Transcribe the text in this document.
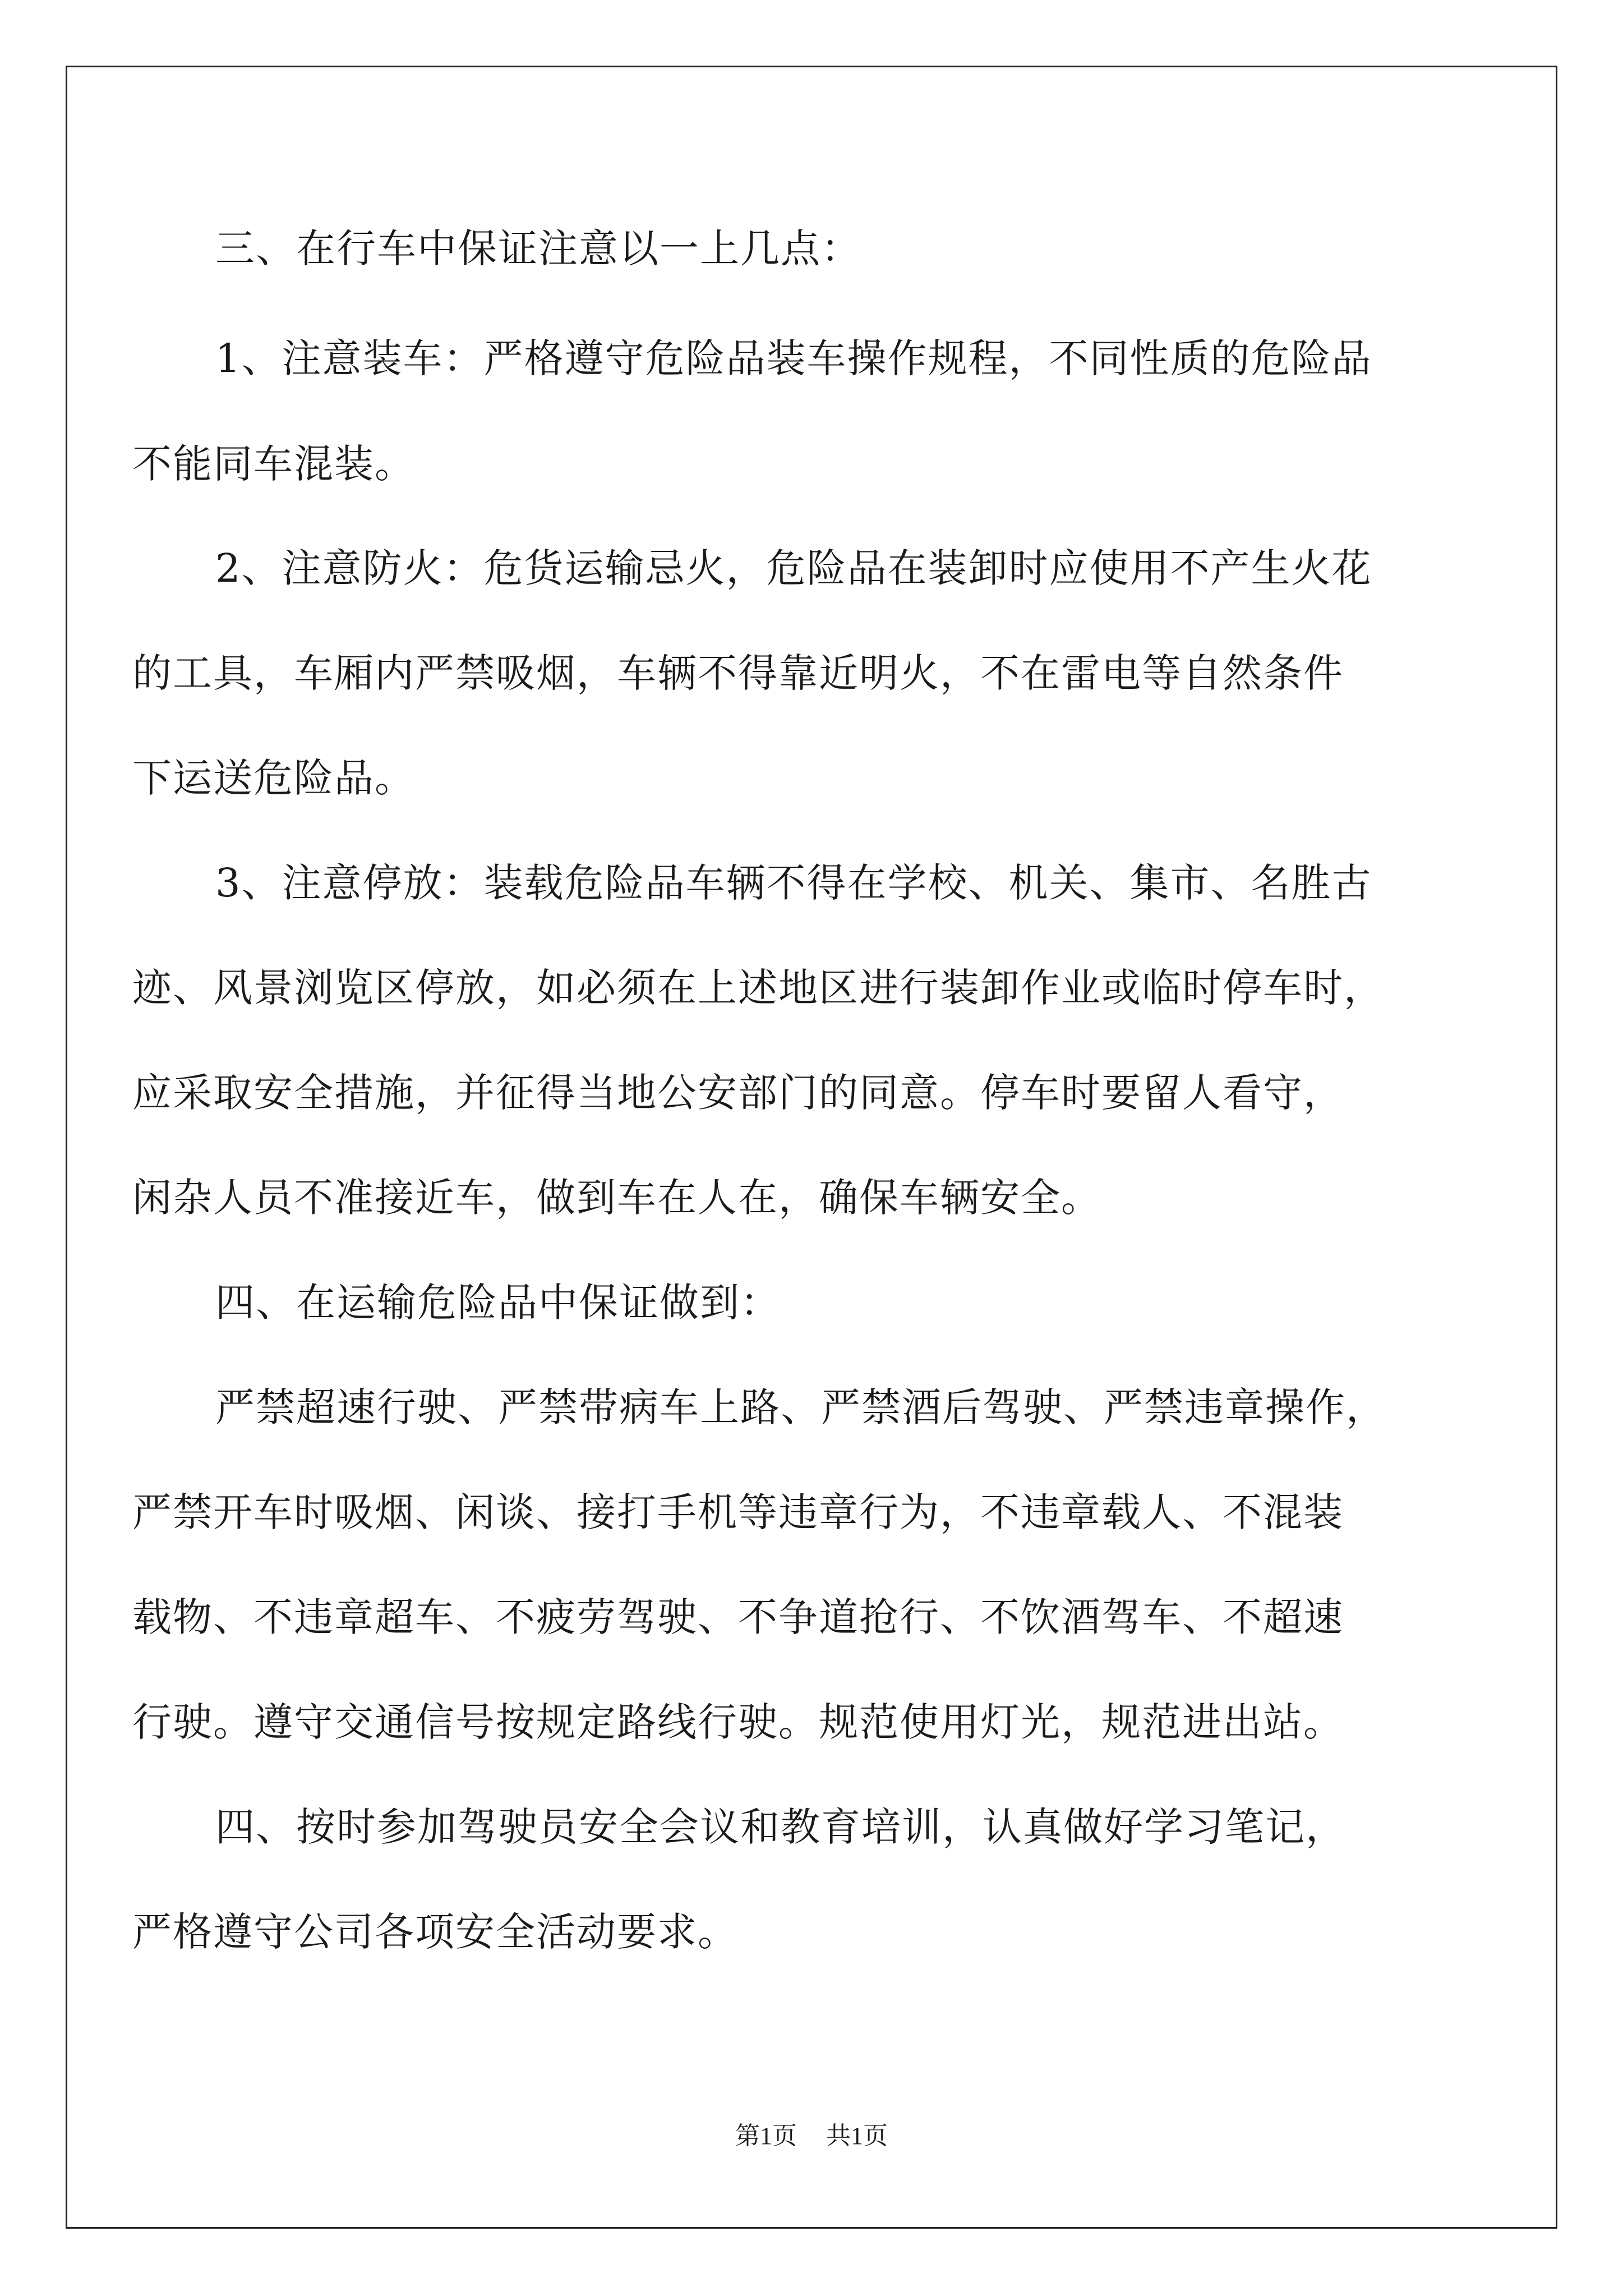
三、在行车中保证注意以一上几点：
1、注意装车：严格遵守危险品装车操作规程，不同性质的危险品
不能同车混装。
2、注意防火：危货运输忌火，危险品在装卸时应使用不产生火花
的工具，车厢内严禁吸烟，车辆不得靠近明火，不在雷电等自然条件
下运送危险品。
3、注意停放：装载危险品车辆不得在学校、机关、集市、名胜古
迹、风景浏览区停放，如必须在上述地区进行装卸作业或临时停车时，
应采取安全措施，并征得当地公安部门的同意。停车时要留人看守，
闲杂人员不准接近车，做到车在人在，确保车辆安全。
四、在运输危险品中保证做到：
严禁超速行驶、严禁带病车上路、严禁酒后驾驶、严禁违章操作，
严禁开车时吸烟、闲谈、接打手机等违章行为，不违章载人、不混装
载物、不违章超车、不疲劳驾驶、不争道抢行、不饮酒驾车、不超速
行驶。遵守交通信号按规定路线行驶。规范使用灯光，规范进出站。
四、按时参加驾驶员安全会议和教育培训，认真做好学习笔记，
严格遵守公司各项安全活动要求。
第1页 共1页
